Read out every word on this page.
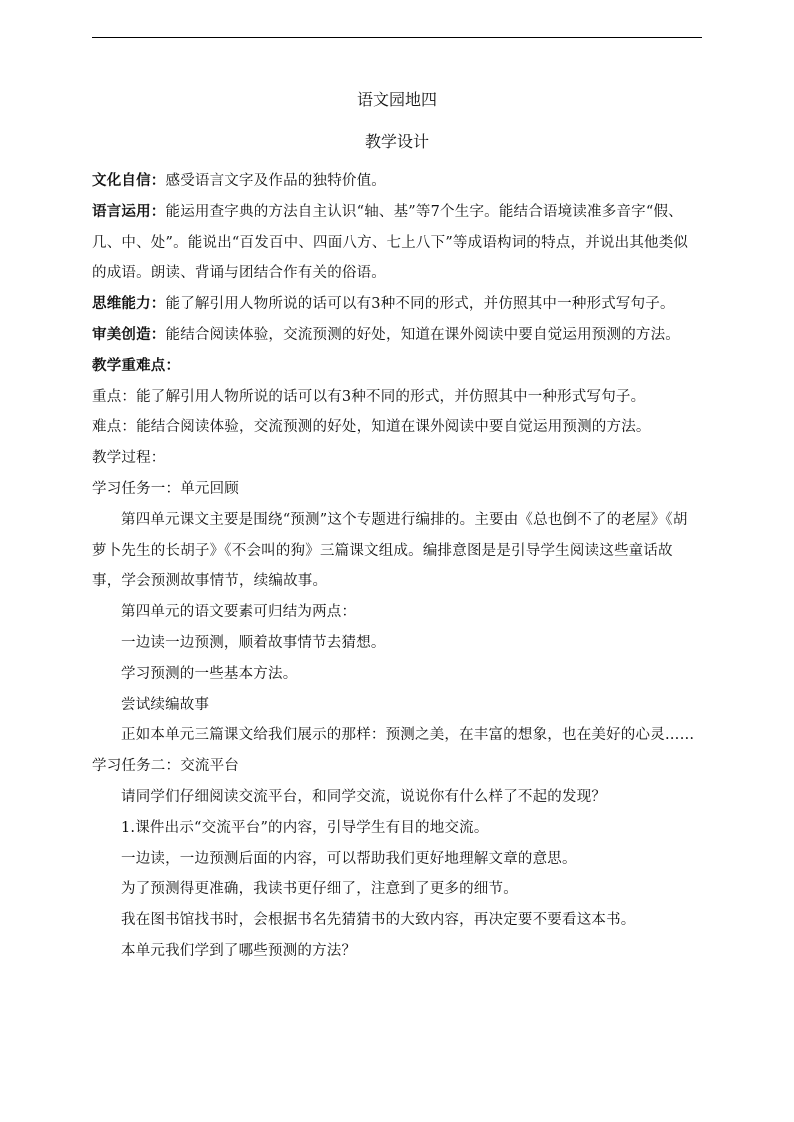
语文园地四
教学设计

文化自信：感受语言文字及作品的独特价值。

语言运用：能运用查字典的方法自主认识“轴、基”等7个生字。能结合语境读准多音字“假、几、中、处”。能说出“百发百中、四面八方、七上八下”等成语构词的特点，并说出其他类似的成语。朗读、背诵与团结合作有关的俗语。

思维能力：能了解引用人物所说的话可以有3种不同的形式，并仿照其中一种形式写句子。

审美创造：能结合阅读体验，交流预测的好处，知道在课外阅读中要自觉运用预测的方法。

教学重难点：

重点：能了解引用人物所说的话可以有3种不同的形式，并仿照其中一种形式写句子。

难点：能结合阅读体验，交流预测的好处，知道在课外阅读中要自觉运用预测的方法。

教学过程：

学习任务一：单元回顾

第四单元课文主要是围绕“预测”这个专题进行编排的。主要由《总也倒不了的老屋》《胡萝卜先生的长胡子》《不会叫的狗》三篇课文组成。编排意图是是引导学生阅读这些童话故事，学会预测故事情节，续编故事。

第四单元的语文要素可归结为两点：

一边读一边预测，顺着故事情节去猜想。

学习预测的一些基本方法。

尝试续编故事

正如本单元三篇课文给我们展示的那样：预测之美，在丰富的想象，也在美好的心灵……

学习任务二：交流平台

请同学们仔细阅读交流平台，和同学交流，说说你有什么样了不起的发现？

1.课件出示“交流平台”的内容，引导学生有目的地交流。

一边读，一边预测后面的内容，可以帮助我们更好地理解文章的意思。

为了预测得更准确，我读书更仔细了，注意到了更多的细节。

我在图书馆找书时，会根据书名先猜猜书的大致内容，再决定要不要看这本书。

本单元我们学到了哪些预测的方法？
